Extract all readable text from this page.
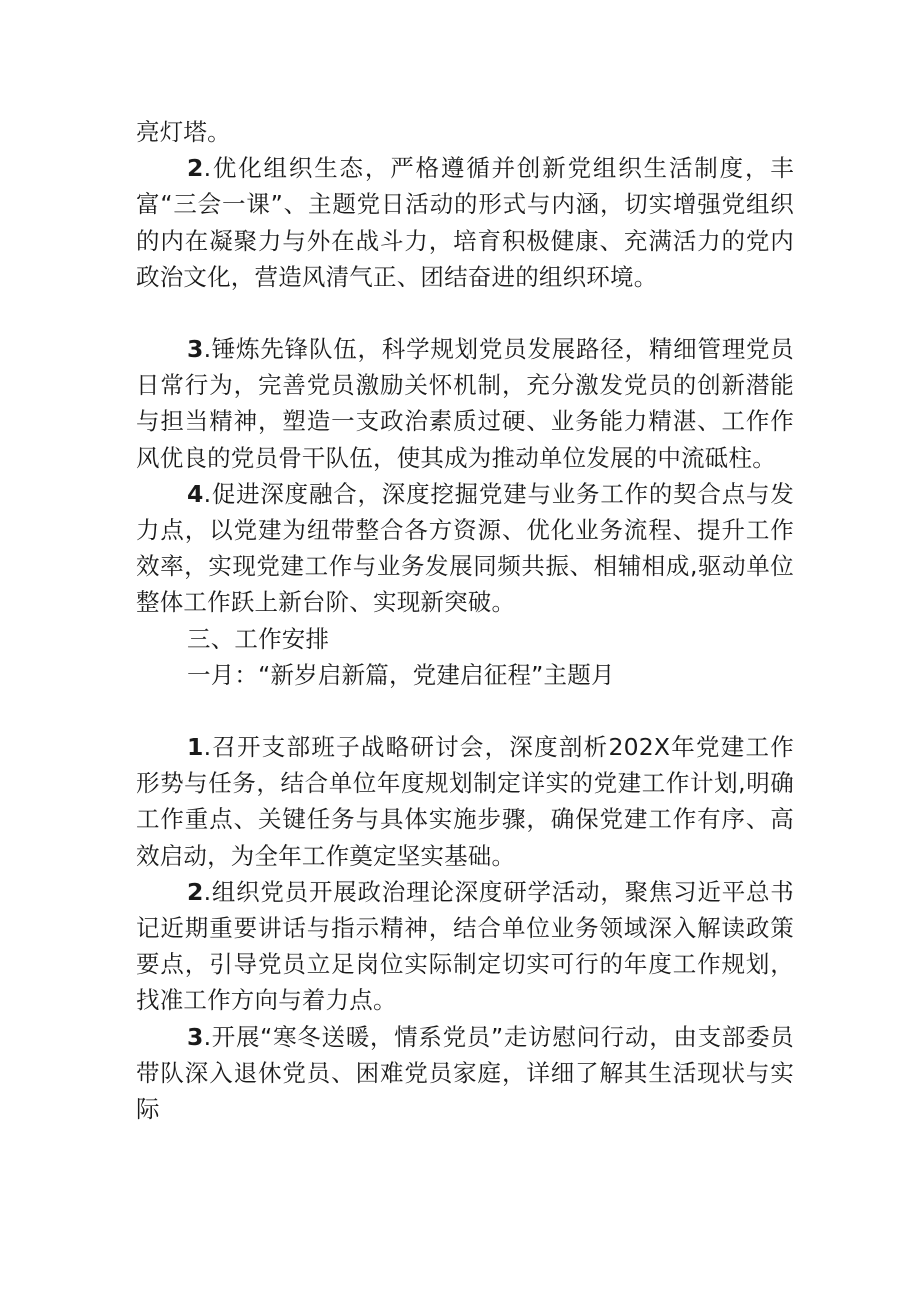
亮灯塔。

2.优化组织生态，严格遵循并创新党组织生活制度，丰富“三会一课”、主题党日活动的形式与内涵，切实增强党组织的内在凝聚力与外在战斗力，培育积极健康、充满活力的党内政治文化，营造风清气正、团结奋进的组织环境。

3.锤炼先锋队伍，科学规划党员发展路径，精细管理党员日常行为，完善党员激励关怀机制，充分激发党员的创新潜能与担当精神，塑造一支政治素质过硬、业务能力精湛、工作作风优良的党员骨干队伍，使其成为推动单位发展的中流砥柱。

4.促进深度融合，深度挖掘党建与业务工作的契合点与发力点，以党建为纽带整合各方资源、优化业务流程、提升工作效率，实现党建工作与业务发展同频共振、相辅相成,驱动单位整体工作跃上新台阶、实现新突破。

三、工作安排

一月：“新岁启新篇，党建启征程”主题月

1.召开支部班子战略研讨会，深度剖析202X年党建工作形势与任务，结合单位年度规划制定详实的党建工作计划,明确工作重点、关键任务与具体实施步骤，确保党建工作有序、高效启动，为全年工作奠定坚实基础。

2.组织党员开展政治理论深度研学活动，聚焦习近平总书记近期重要讲话与指示精神，结合单位业务领域深入解读政策要点，引导党员立足岗位实际制定切实可行的年度工作规划，找准工作方向与着力点。

3.开展“寒冬送暖，情系党员”走访慰问行动，由支部委员带队深入退休党员、困难党员家庭，详细了解其生活现状与实际
